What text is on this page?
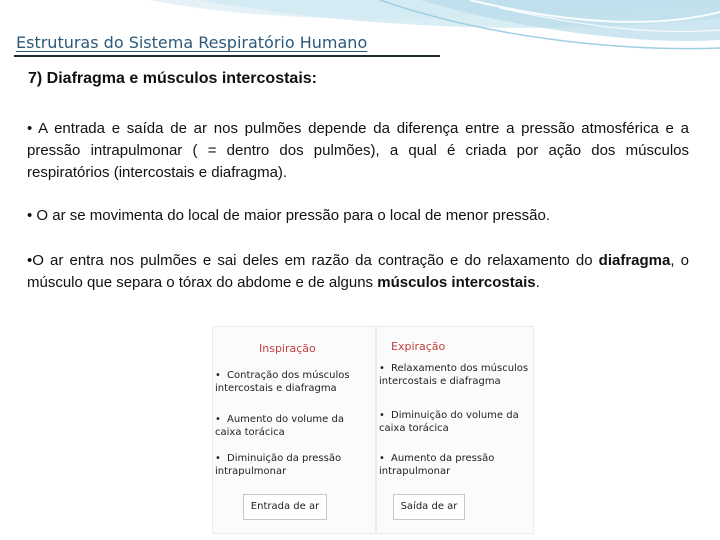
Estruturas do Sistema Respiratório Humano
7) Diafragma e músculos intercostais:
• A entrada e saída de ar nos pulmões depende da diferença entre a pressão atmosférica e a pressão intrapulmonar ( = dentro dos pulmões), a qual é criada por ação dos músculos respiratórios (intercostais e diafragma).
• O ar se movimenta do local de maior pressão para o local de menor pressão.
•O ar entra nos pulmões e sai deles em razão da contração e do relaxamento do diafragma, o músculo que separa o tórax do abdome e de alguns músculos intercostais.
Inspiração
• Contração dos músculos intercostais e diafragma
• Aumento do volume da caixa torácica
• Diminuição da pressão intrapulmonar
Entrada de ar
Expiração
• Relaxamento dos músculos intercostais e diafragma
• Diminuição do volume da caixa torácica
• Aumento da pressão intrapulmonar
Saída de ar
